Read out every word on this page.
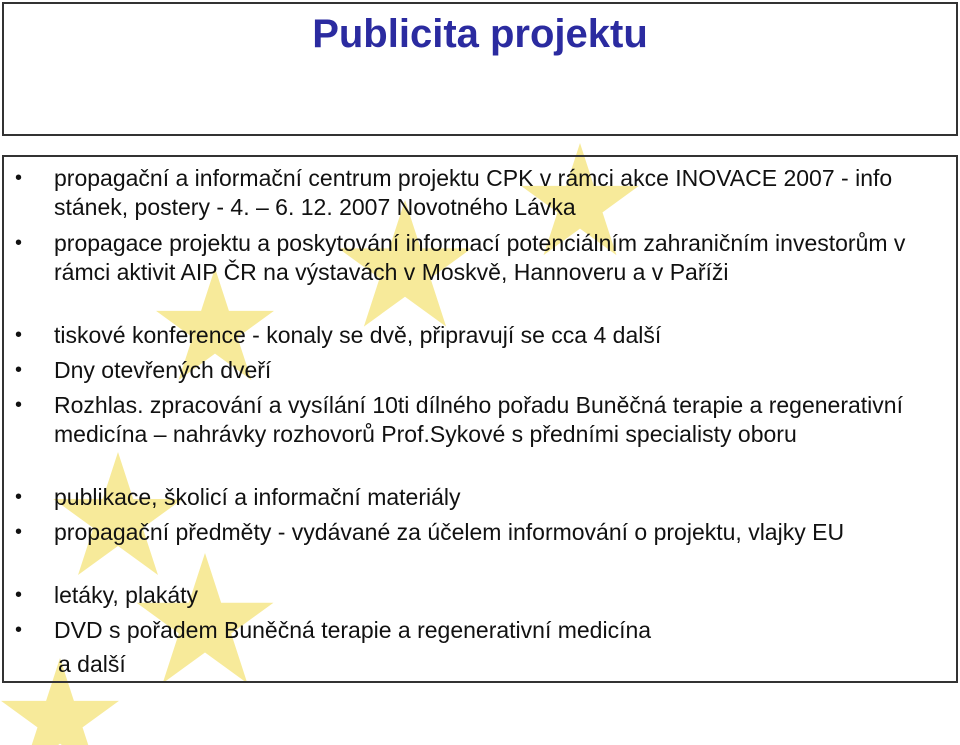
Publicita projektu
• propagační a informační centrum projektu CPK v rámci akce INOVACE 2007 - info stánek, postery - 4. – 6. 12. 2007 Novotného Lávka
• propagace projektu a poskytování informací potenciálním zahraničním investorům v rámci aktivit AIP ČR na výstavách v Moskvě, Hannoveru a v Paříži
• tiskové konference - konaly se dvě, připravují se cca 4 další
• Dny otevřených dveří
• Rozhlas. zpracování a vysílání 10ti dílného pořadu Buněčná terapie a regenerativní medicína – nahrávky rozhovorů Prof.Sykové s předními specialisty oboru
• publikace, školicí a informační materiály
• propagační předměty - vydávané za účelem informování o projektu, vlajky EU
• letáky, plakáty
• DVD s pořadem Buněčná terapie a regenerativní medicína
a další
